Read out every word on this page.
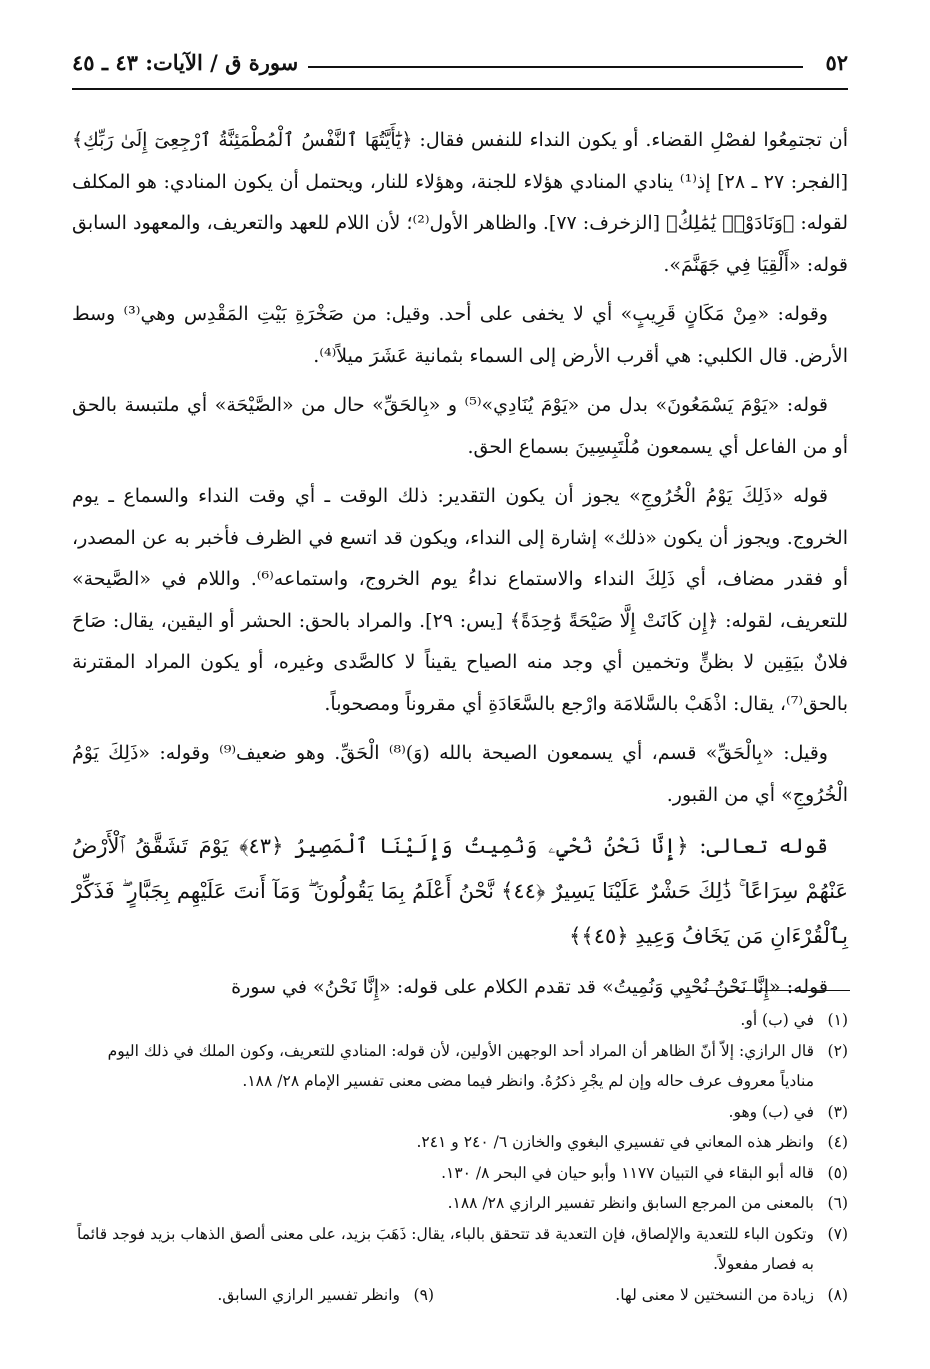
٥٢
سورة ق / الآيات: ٤٣ ـ ٤٥

أن تجتمِعُوا لفصْلِ القضاء. أو يكون النداء للنفس فقال: ﴿يَٰٓأَيَّتُهَا ٱلنَّفْسُ ٱلْمُطْمَئِنَّةُ ٱرْجِعِىٓ إِلَىٰ رَبِّكِ﴾ [الفجر: ٢٧ ـ ٢٨] إذ⁽¹⁾ ينادي المنادي هؤلاء للجنة، وهؤلاء للنار، ويحتمل أن يكون المنادي: هو المكلف لقوله: ﴿وَنَادَوْا۟ يَٰمَٰلِكُ﴾ [الزخرف: ٧٧]. والظاهر الأول⁽²⁾؛ لأن اللام للعهد والتعريف، والمعهود السابق قوله: «أَلْقِيَا فِي جَهَنَّمَ».

وقوله: «مِنْ مَكَانٍ قَرِيبٍ» أي لا يخفى على أحد. وقيل: من صَخْرَةِ بَيْتِ المَقْدِس وهي⁽³⁾ وسط الأرض. قال الكلبي: هي أقرب الأرض إلى السماء بثمانية عَشَرَ ميلاً⁽⁴⁾.

قوله: «يَوْمَ يَسْمَعُونَ» بدل من «يَوْمَ يُنَادِي»⁽⁵⁾ و «بِالحَقِّ» حال من «الصَّيْحَة» أي ملتبسة بالحق أو من الفاعل أي يسمعون مُلْتَبِسِينَ بسماع الحق.

قوله «ذَلِكَ يَوْمُ الْخُرُوجِ» يجوز أن يكون التقدير: ذلك الوقت ـ أي وقت النداء والسماع ـ يوم الخروج. ويجوز أن يكون «ذلك» إشارة إلى النداء، ويكون قد اتسع في الظرف فأخبر به عن المصدر، أو فقدر مضاف، أي ذَلِكَ النداء والاستماع نداءُ يوم الخروج، واستماعه⁽⁶⁾. واللام في «الصَّيحة» للتعريف، لقوله: ﴿إِن كَانَتْ إِلَّا صَيْحَةً وَٰحِدَةً﴾ [يس: ٢٩]. والمراد بالحق: الحشر أو اليقين، يقال: صَاحَ فلانٌ بيَقِين لا بظنٍّ وتخمين أي وجد منه الصياح يقيناً لا كالصَّدى وغيره، أو يكون المراد المقترنة بالحق⁽⁷⁾، يقال: اذْهَبْ بالسَّلامَة وارْجع بالسَّعَادَةِ أي مقروناً ومصحوباً.

وقيل: «بِالْحَقِّ» قسم، أي يسمعون الصيحة بالله (وَ)⁽⁸⁾ الْحَقِّ. وهو ضعيف⁽⁹⁾ وقوله: «ذَلِكَ يَوْمُ الْخُرُوجِ» أي من القبور.

قوله تعالى: ﴿إِنَّا نَحْنُ نُحْيِۦ وَنُمِيتُ وَإِلَيْنَا ٱلْمَصِيرُ ﴿٤٣﴾ يَوْمَ تَشَقَّقُ ٱلْأَرْضُ عَنْهُمْ سِرَاعًا ۚ ذَٰلِكَ حَشْرٌ عَلَيْنَا يَسِيرٌ ﴿٤٤﴾ نَّحْنُ أَعْلَمُ بِمَا يَقُولُونَ ۖ وَمَآ أَنتَ عَلَيْهِم بِجَبَّارٍ ۖ فَذَكِّرْ بِٱلْقُرْءَانِ مَن يَخَافُ وَعِيدِ ﴿٤٥﴾﴾

قوله: «إِنَّا نَحْنُ نُحْيِي وَنُمِيتُ» قد تقدم الكلام على قوله: «إِنَّا نَحْنُ» في سورة

(١)
في (ب) أو.
(٢)
قال الرازي: إلاّ أنّ الظاهر أن المراد أحد الوجهين الأولين، لأن قوله: المنادي للتعريف، وكون الملك في ذلك اليوم منادياً معروف عرف حاله وإن لم يجْرِ ذكرُهُ. وانظر فيما مضى معنى تفسير الإمام ٢٨/ ١٨٨.
(٣)
في (ب) وهو.
(٤)
وانظر هذه المعاني في تفسيري البغوي والخازن ٦/ ٢٤٠ و ٢٤١.
(٥)
قاله أبو البقاء في التبيان ١١٧٧ وأبو حيان في البحر ٨/ ١٣٠.
(٦)
بالمعنى من المرجع السابق وانظر تفسير الرازي ٢٨/ ١٨٨.
(٧)
وتكون الباء للتعدية والإلصاق، فإن التعدية قد تتحقق بالباء، يقال: ذَهَبَ بزيد، على معنى ألصق الذهاب بزيد فوجد قائماً به فصار مفعولاً.
(٨)
زيادة من النسختين لا معنى لها.
(٩)
وانظر تفسير الرازي السابق.
